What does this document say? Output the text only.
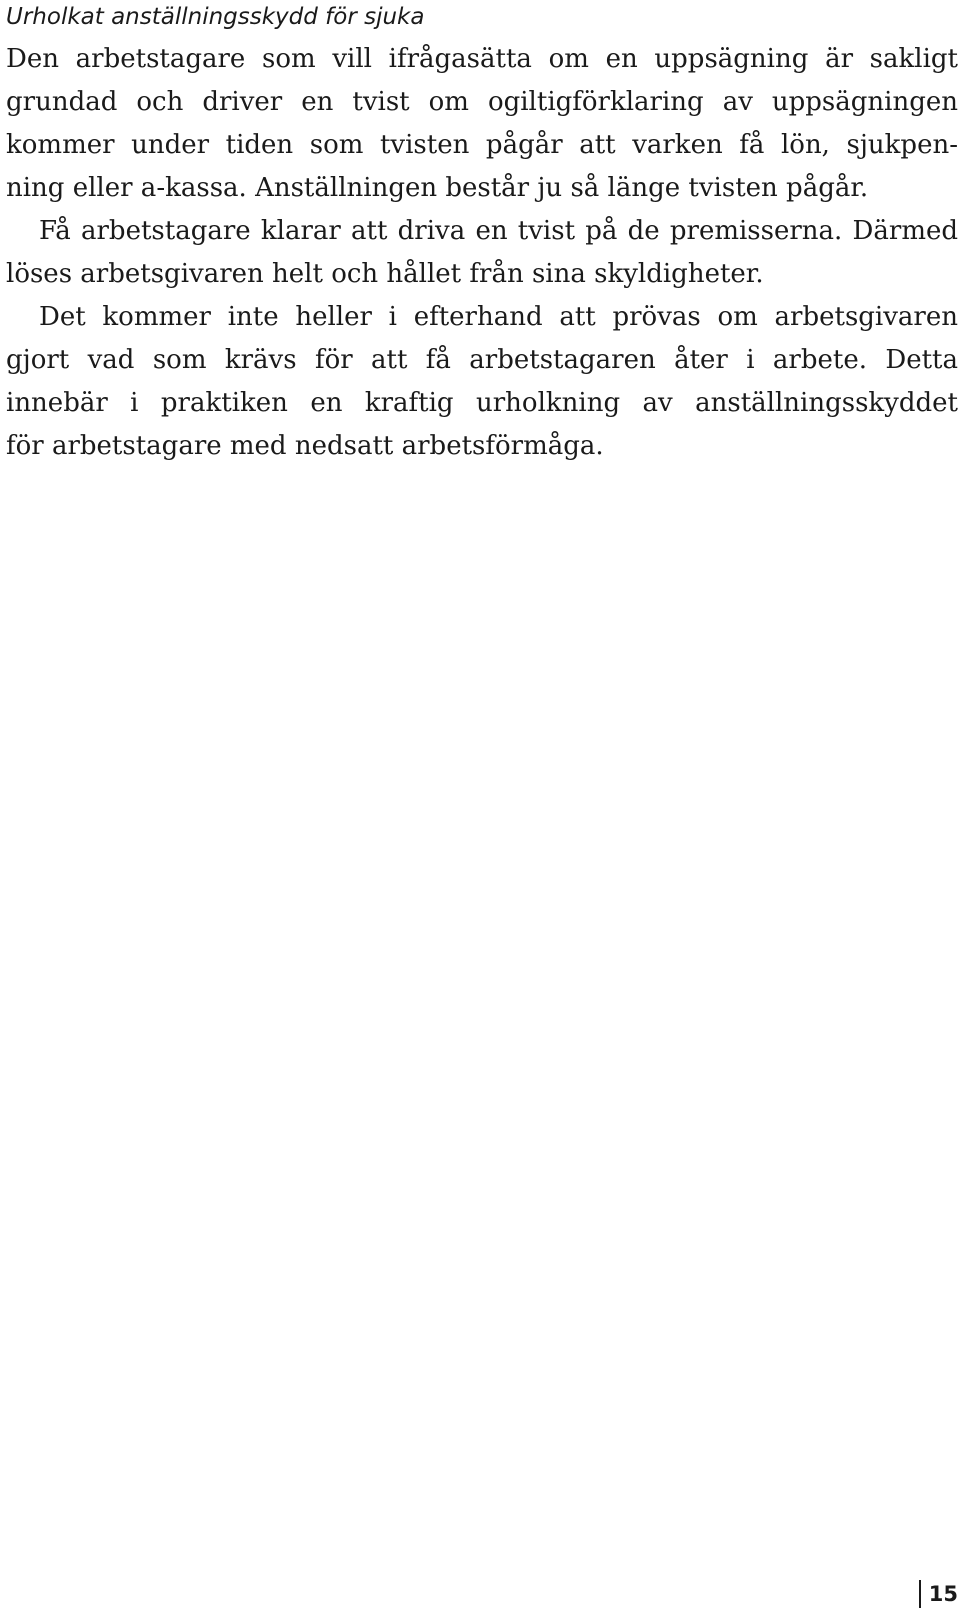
Urholkat anställningsskydd för sjuka
Den arbetstagare som vill ifrågasätta om en uppsägning är sakligt
grundad och driver en tvist om ogiltigförklaring av uppsägningen
kommer under tiden som tvisten pågår att varken få lön, sjukpen-
ning eller a-kassa. Anställningen består ju så länge tvisten pågår.
Få arbetstagare klarar att driva en tvist på de premisserna. Därmed
löses arbetsgivaren helt och hållet från sina skyldigheter.
Det kommer inte heller i efterhand att prövas om arbetsgivaren
gjort vad som krävs för att få arbetstagaren åter i arbete. Detta
innebär i praktiken en kraftig urholkning av anställningsskyddet
för arbetstagare med nedsatt arbetsförmåga.
15
